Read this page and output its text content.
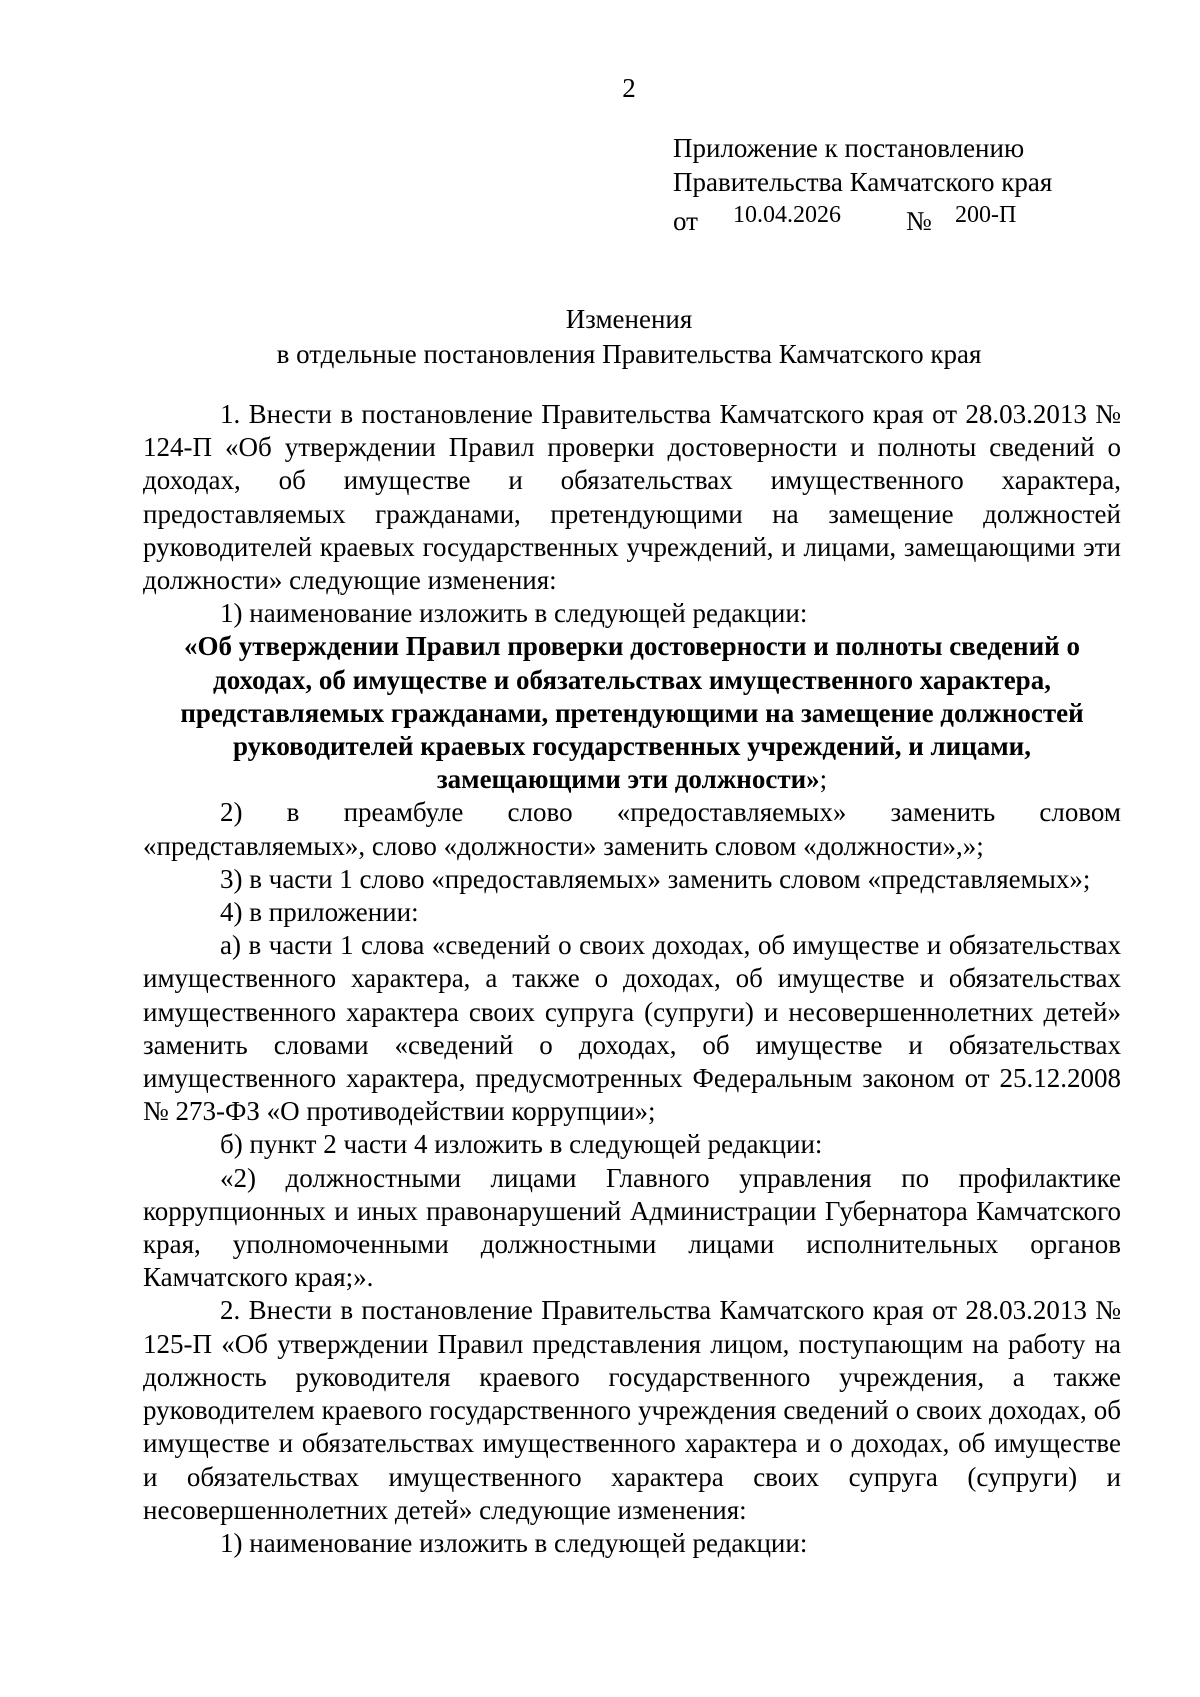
2

Приложение к постановлению

Правительства Камчатского края

от 10.04.2026 № 200-П

Изменения

в отдельные постановления Правительства Камчатского края

1. Внести в постановление Правительства Камчатского края от 28.03.2013 № 124-П «Об утверждении Правил проверки достоверности и полноты сведений о доходах, об имуществе и обязательствах имущественного характера, предоставляемых гражданами, претендующими на замещение должностей руководителей краевых государственных учреждений, и лицами, замещающими эти должности» следующие изменения:

1) наименование изложить в следующей редакции:

«Об утверждении Правил проверки достоверности и полноты сведений о доходах, об имуществе и обязательствах имущественного характера, представляемых гражданами, претендующими на замещение должностей руководителей краевых государственных учреждений, и лицами, замещающими эти должности»;

2) в преамбуле слово «предоставляемых» заменить словом «представляемых», слово «должности» заменить словом «должности»,»;

3) в части 1 слово «предоставляемых» заменить словом «представляемых»;

4) в приложении:

а) в части 1 слова «сведений о своих доходах, об имуществе и обязательствах имущественного характера, а также о доходах, об имуществе и обязательствах имущественного характера своих супруга (супруги) и несовершеннолетних детей» заменить словами «сведений о доходах, об имуществе и обязательствах имущественного характера, предусмотренных Федеральным законом от 25.12.2008 № 273-ФЗ «О противодействии коррупции»;

б) пункт 2 части 4 изложить в следующей редакции:

«2) должностными лицами Главного управления по профилактике коррупционных и иных правонарушений Администрации Губернатора Камчатского края, уполномоченными должностными лицами исполнительных органов Камчатского края;».

2. Внести в постановление Правительства Камчатского края от 28.03.2013 № 125-П «Об утверждении Правил представления лицом, поступающим на работу на должность руководителя краевого государственного учреждения, а также руководителем краевого государственного учреждения сведений о своих доходах, об имуществе и обязательствах имущественного характера и о доходах, об имуществе и обязательствах имущественного характера своих супруга (супруги) и несовершеннолетних детей» следующие изменения:

1) наименование изложить в следующей редакции:
